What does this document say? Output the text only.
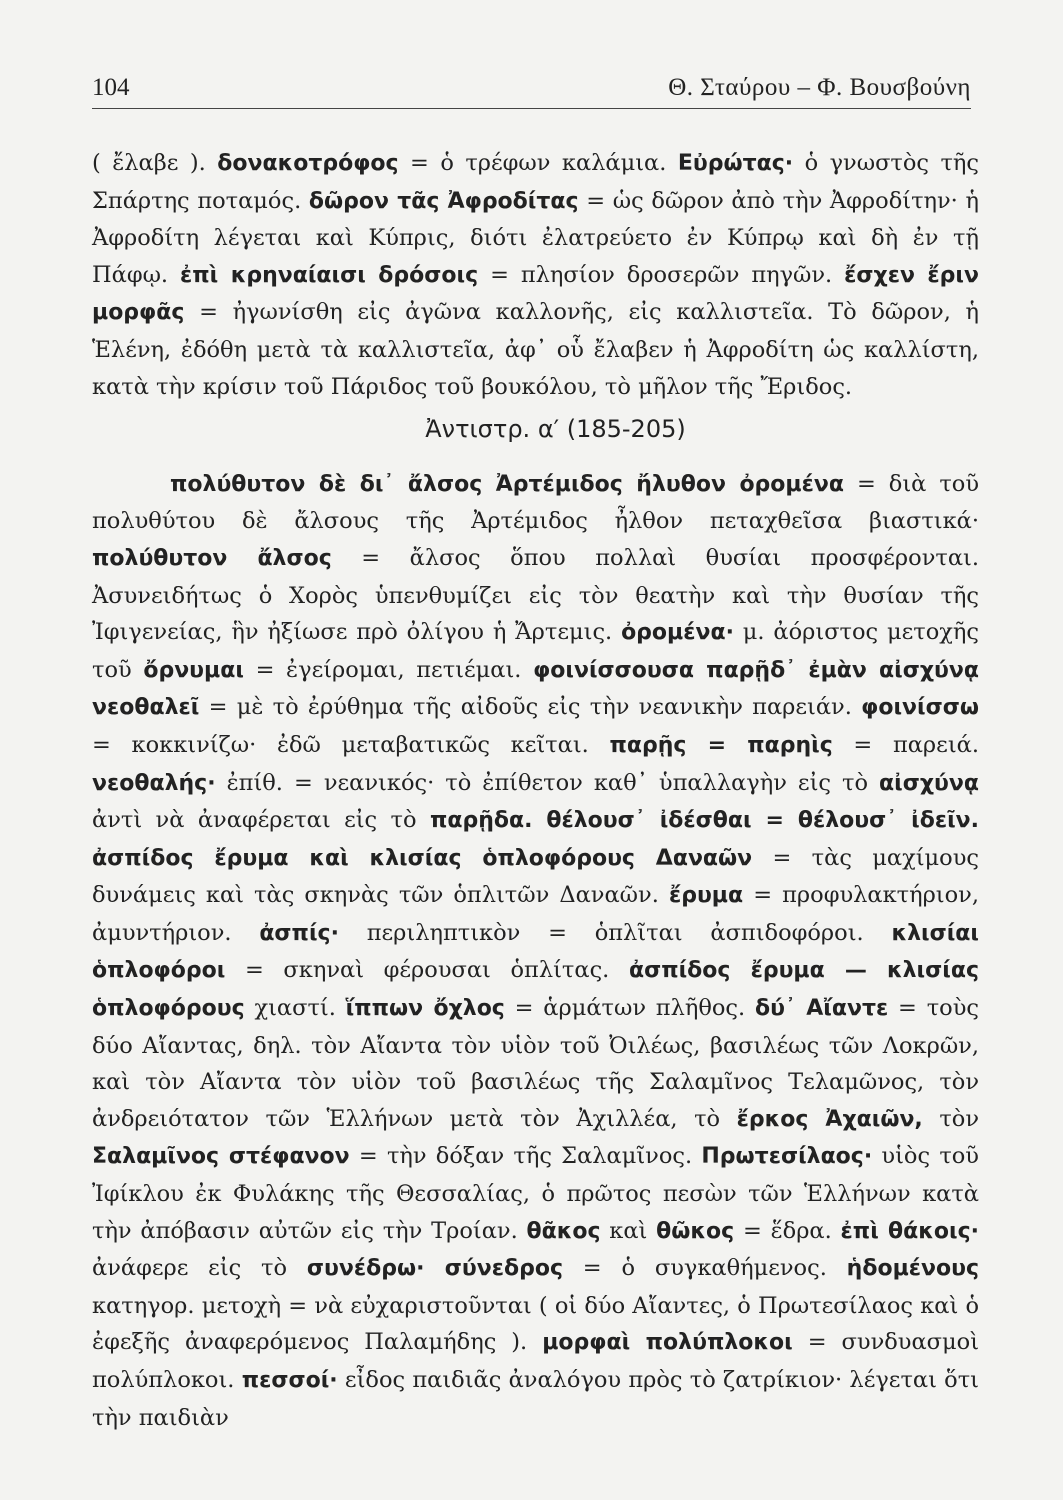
104	Θ. Σταύρου – Φ. Βουσβούνη

( ἔλαβε ). δονακοτρόφος = ὁ τρέφων καλάμια. Εὐρώτας· ὁ γνωστὸς τῆς Σπάρτης ποταμός. δῶρον τᾶς Ἀφροδίτας = ὡς δῶρον ἀπὸ τὴν Ἀφροδίτην· ἡ Ἀφροδίτη λέγεται καὶ Κύπρις, διότι ἐλατρεύετο ἐν Κύπρῳ καὶ δὴ ἐν τῇ Πάφῳ. ἐπὶ κρηναίαισι δρόσοις = πλησίον δροσερῶν πηγῶν. ἔσχεν ἔριν μορφᾶς = ἠγωνίσθη εἰς ἀγῶνα καλλονῆς, εἰς καλλιστεῖα. Τὸ δῶρον, ἡ Ἑλένη, ἐδόθη μετὰ τὰ καλλιστεῖα, ἀφ᾽ οὗ ἔλαβεν ἡ Ἀφροδίτη ὡς καλλίστη, κατὰ τὴν κρίσιν τοῦ Πάριδος τοῦ βουκόλου, τὸ μῆλον τῆς Ἔριδος.

Ἀντιστρ. α′ (185-205)

πολύθυτον δὲ δι᾽ ἄλσος Ἀρτέμιδος ἤλυθον ὀρομένα = διὰ τοῦ πολυθύτου δὲ ἄλσους τῆς Ἀρτέμιδος ἦλθον πεταχθεῖσα βιαστικά· πολύθυτον ἄλσος = ἄλσος ὅπου πολλαὶ θυσίαι προσφέρονται. Ἀσυνειδήτως ὁ Χορὸς ὑπενθυμίζει εἰς τὸν θεατὴν καὶ τὴν θυσίαν τῆς Ἰφιγενείας, ἣν ἠξίωσε πρὸ ὀλίγου ἡ Ἄρτεμις. ὀρομένα· μ. ἀόριστος μετοχῆς τοῦ ὄρνυμαι = ἐγείρομαι, πετιέμαι. φοινίσσουσα παρῇδ᾽ ἐμὰν αἰσχύνᾳ νεοθαλεῖ = μὲ τὸ ἐρύθημα τῆς αἰδοῦς εἰς τὴν νεανικὴν παρειάν. φοινίσσω = κοκκινίζω· ἐδῶ μεταβατικῶς κεῖται. παρῇς = παρηὶς = παρειά. νεοθαλής· ἐπίθ. = νεανικός· τὸ ἐπίθετον καθ᾽ ὑπαλλαγὴν εἰς τὸ αἰσχύνᾳ ἀντὶ νὰ ἀναφέρεται εἰς τὸ παρῇδα. θέλουσ᾽ ἰδέσθαι = θέλουσ᾽ ἰδεῖν. ἀσπίδος ἔρυμα καὶ κλισίας ὁπλοφόρους Δαναῶν = τὰς μαχίμους δυνάμεις καὶ τὰς σκηνὰς τῶν ὁπλιτῶν Δαναῶν. ἔρυμα = προφυλακτήριον, ἀμυντήριον. ἀσπίς· περιληπτικὸν = ὁπλῖται ἀσπιδοφόροι. κλισίαι ὁπλοφόροι = σκηναὶ φέρουσαι ὁπλίτας. ἀσπίδος ἔρυμα — κλισίας ὁπλοφόρους χιαστί. ἵππων ὄχλος = ἁρμάτων πλῆθος. δύ᾽ Αἴαντε = τοὺς δύο Αἴαντας, δηλ. τὸν Αἴαντα τὸν υἱὸν τοῦ Ὀιλέως, βασιλέως τῶν Λοκρῶν, καὶ τὸν Αἴαντα τὸν υἱὸν τοῦ βασιλέως τῆς Σαλαμῖνος Τελαμῶνος, τὸν ἀνδρειότατον τῶν Ἑλλήνων μετὰ τὸν Ἀχιλλέα, τὸ ἔρκος Ἀχαιῶν, τὸν Σαλαμῖνος στέφανον = τὴν δόξαν τῆς Σαλαμῖνος. Πρωτεσίλαος· υἱὸς τοῦ Ἰφίκλου ἐκ Φυλάκης τῆς Θεσσαλίας, ὁ πρῶτος πεσὼν τῶν Ἑλλήνων κατὰ τὴν ἀπόβασιν αὐτῶν εἰς τὴν Τροίαν. θᾶκος καὶ θῶκος = ἕδρα. ἐπὶ θάκοις· ἀνάφερε εἰς τὸ συνέδρω· σύνεδρος = ὁ συγκαθήμενος. ἡδομένους κατηγορ. μετοχὴ = νὰ εὐχαριστοῦνται ( οἱ δύο Αἴαντες, ὁ Πρωτεσίλαος καὶ ὁ ἐφεξῆς ἀναφερόμενος Παλαμήδης ). μορφαὶ πολύπλοκοι = συνδυασμοὶ πολύπλοκοι. πεσσοί· εἶδος παιδιᾶς ἀναλόγου πρὸς τὸ ζατρίκιον· λέγεται ὅτι τὴν παιδιὰν
